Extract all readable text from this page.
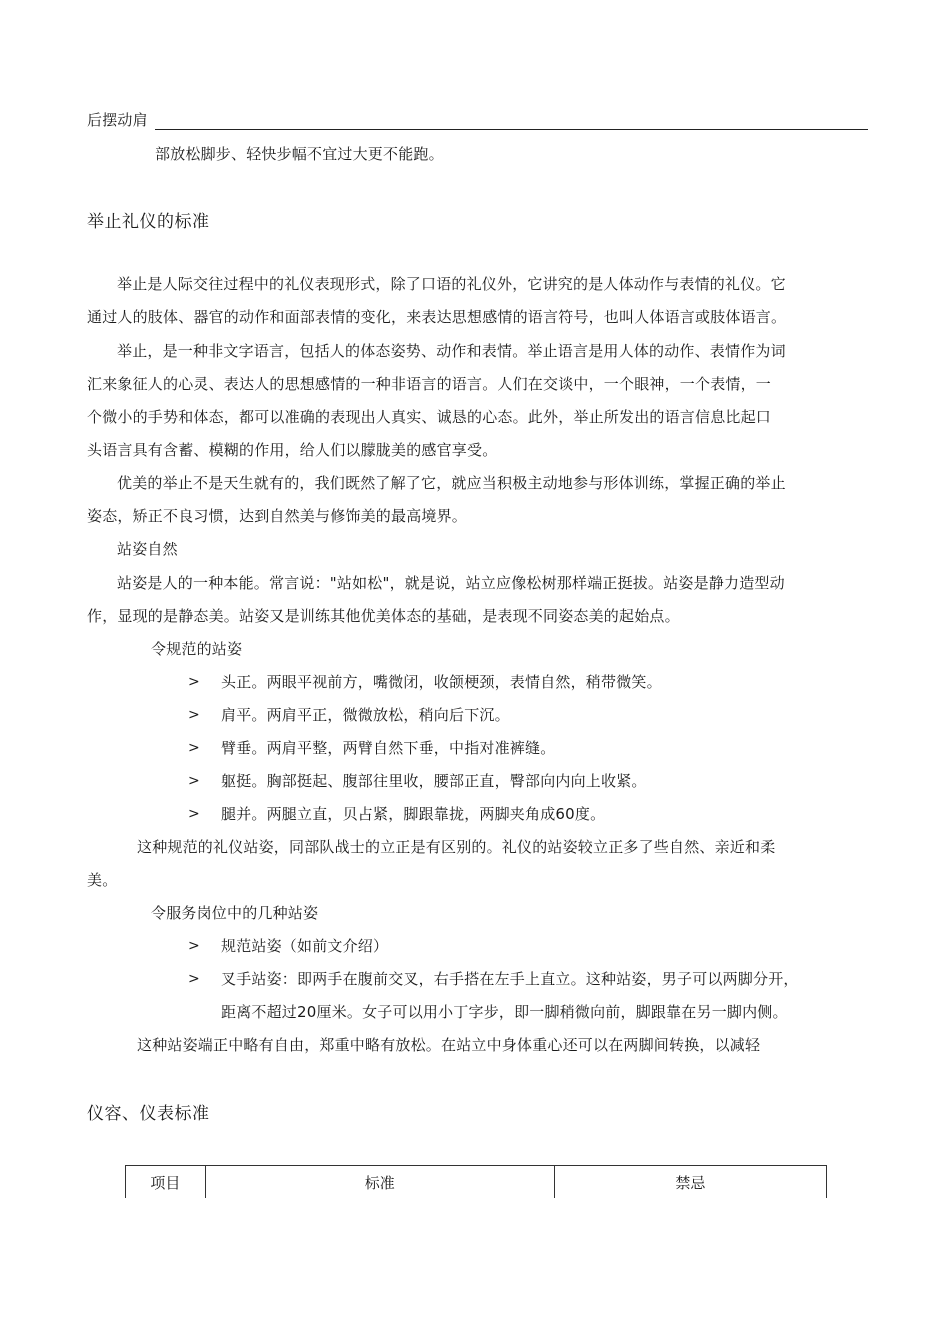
后摆动肩
部放松脚步、轻快步幅不宜过大更不能跑。
举止礼仪的标准
举止是人际交往过程中的礼仪表现形式，除了口语的礼仪外，它讲究的是人体动作与表情的礼仪。它
通过人的肢体、器官的动作和面部表情的变化，来表达思想感情的语言符号，也叫人体语言或肢体语言。
举止，是一种非文字语言，包括人的体态姿势、动作和表情。举止语言是用人体的动作、表情作为词
汇来象征人的心灵、表达人的思想感情的一种非语言的语言。人们在交谈中，一个眼神，一个表情，一
个微小的手势和体态，都可以准确的表现出人真实、诚恳的心态。此外，举止所发出的语言信息比起口
头语言具有含蓄、模糊的作用，给人们以朦胧美的感官享受。
优美的举止不是天生就有的，我们既然了解了它，就应当积极主动地参与形体训练，掌握正确的举止
姿态，矫正不良习惯，达到自然美与修饰美的最高境界。
站姿自然
站姿是人的一种本能。常言说："站如松"，就是说，站立应像松树那样端正挺拔。站姿是静力造型动
作，显现的是静态美。站姿又是训练其他优美体态的基础，是表现不同姿态美的起始点。
令规范的站姿
> 头正。两眼平视前方，嘴微闭，收颌梗颈，表情自然，稍带微笑。
> 肩平。两肩平正，微微放松，稍向后下沉。
> 臂垂。两肩平整，两臂自然下垂，中指对准裤缝。
> 躯挺。胸部挺起、腹部往里收，腰部正直，臀部向内向上收紧。
> 腿并。两腿立直，贝占紧，脚跟靠拢，两脚夹角成60度。
这种规范的礼仪站姿，同部队战士的立正是有区别的。礼仪的站姿较立正多了些自然、亲近和柔
美。
令服务岗位中的几种站姿
> 规范站姿（如前文介绍）
> 叉手站姿：即两手在腹前交叉，右手搭在左手上直立。这种站姿，男子可以两脚分开，
距离不超过20厘米。女子可以用小丁字步，即一脚稍微向前，脚跟靠在另一脚内侧。
这种站姿端正中略有自由，郑重中略有放松。在站立中身体重心还可以在两脚间转换，以减轻
仪容、仪表标准
项目	标准	禁忌
